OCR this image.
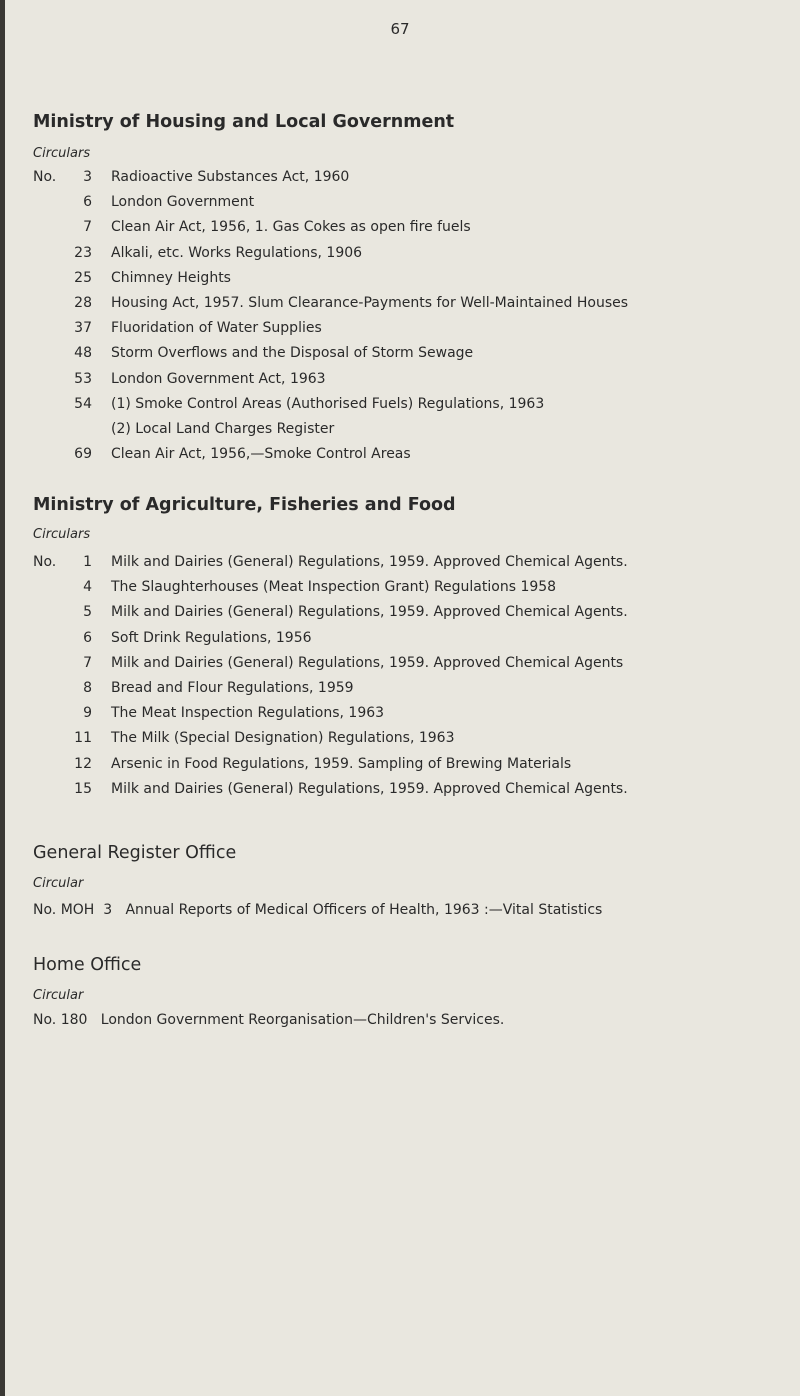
67
Ministry of Housing and Local Government
Circulars
No.	3 Radioactive Substances Act, 1960
6 London Government
7 Clean Air Act, 1956, 1. Gas Cokes as open fire fuels
23 Alkali, etc. Works Regulations, 1906
25 Chimney Heights
28 Housing Act, 1957. Slum Clearance-Payments for Well-Maintained Houses
37 Fluoridation of Water Supplies
48 Storm Overflows and the Disposal of Storm Sewage
53 London Government Act, 1963
54 (1) Smoke Control Areas (Authorised Fuels) Regulations, 1963
(2) Local Land Charges Register
69 Clean Air Act, 1956,—Smoke Control Areas
Ministry of Agriculture, Fisheries and Food
Circulars
No.	1 Milk and Dairies (General) Regulations, 1959. Approved Chemical Agents.
4 The Slaughterhouses (Meat Inspection Grant) Regulations 1958
5 Milk and Dairies (General) Regulations, 1959. Approved Chemical Agents.
6 Soft Drink Regulations, 1956
7 Milk and Dairies (General) Regulations, 1959. Approved Chemical Agents
8 Bread and Flour Regulations, 1959
9 The Meat Inspection Regulations, 1963
11 The Milk (Special Designation) Regulations, 1963
12 Arsenic in Food Regulations, 1959. Sampling of Brewing Materials
15 Milk and Dairies (General) Regulations, 1959. Approved Chemical Agents.
General Register Office
Circular
No. MOH  3   Annual Reports of Medical Officers of Health, 1963 :—Vital Statistics
Home Office
Circular
No. 180   London Government Reorganisation—Children's Services.
